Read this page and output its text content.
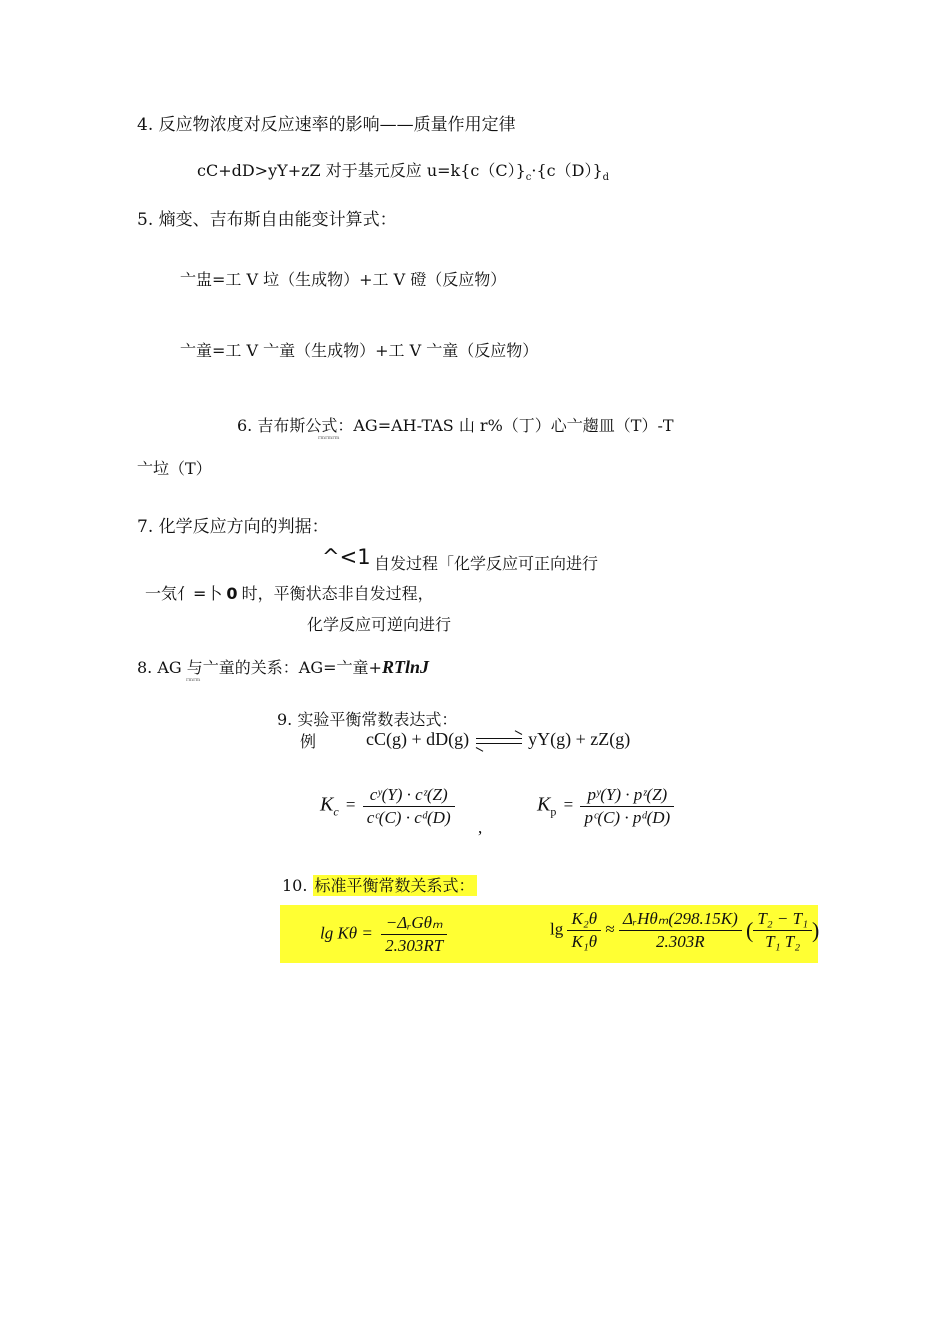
4. 反应物浓度对反应速率的影响——质量作用定律
cC+dD>yY+zZ 对于基元反应 $u=k\{c(C)\}_c\cdot\{c(D)\}_d$
5. 熵变、吉布斯自由能变计算式：
亠盅=工 V 垃（生成物）+工 V 磴（反应物）
亠童=工 V 亠童（生成物）+工 V 亠童（反应物）
6. 吉布斯公式：AG=AH-TAS 山 r%（丁）心亠趨皿（T）-T
rmrmrm
亠垃（T）
7. 化学反应方向的判据：
^<1 自发过程「化学反应可正向进行
一気亻=卜 0 时，平衡状态非自发过程，
化学反应可逆向进行
8. AG 与亠童的关系：AG=亠童+RTlnJ
rmrm
9. 实验平衡常数表达式：
例	cC(g) + dD(g) ⇌ yY(g) + zZ(g)
$K_c = \frac{\text{cʸ(Y) · cᶻ(Z)}}{\text{cᶜ(C) · cᵈ(D)}}$ ,
$K_p = \frac{\text{pʸ(Y) · pᶻ(Z)}}{\text{pᶜ(C) · pᵈ(D)}}$
10. 标准平衡常数关系式：
$\lg K\theta = \frac{\text{−ΔᵣGθₘ}}{2.303RT}$	$\lg \frac{\text{K₂θ}}{\text{K₁θ}} \approx \frac{\text{ΔᵣHθₘ(298.15K)}}{2.303R}$ ( $\frac{\text{T₂ − T₁}}{\text{T₁ T₂}}$ )
